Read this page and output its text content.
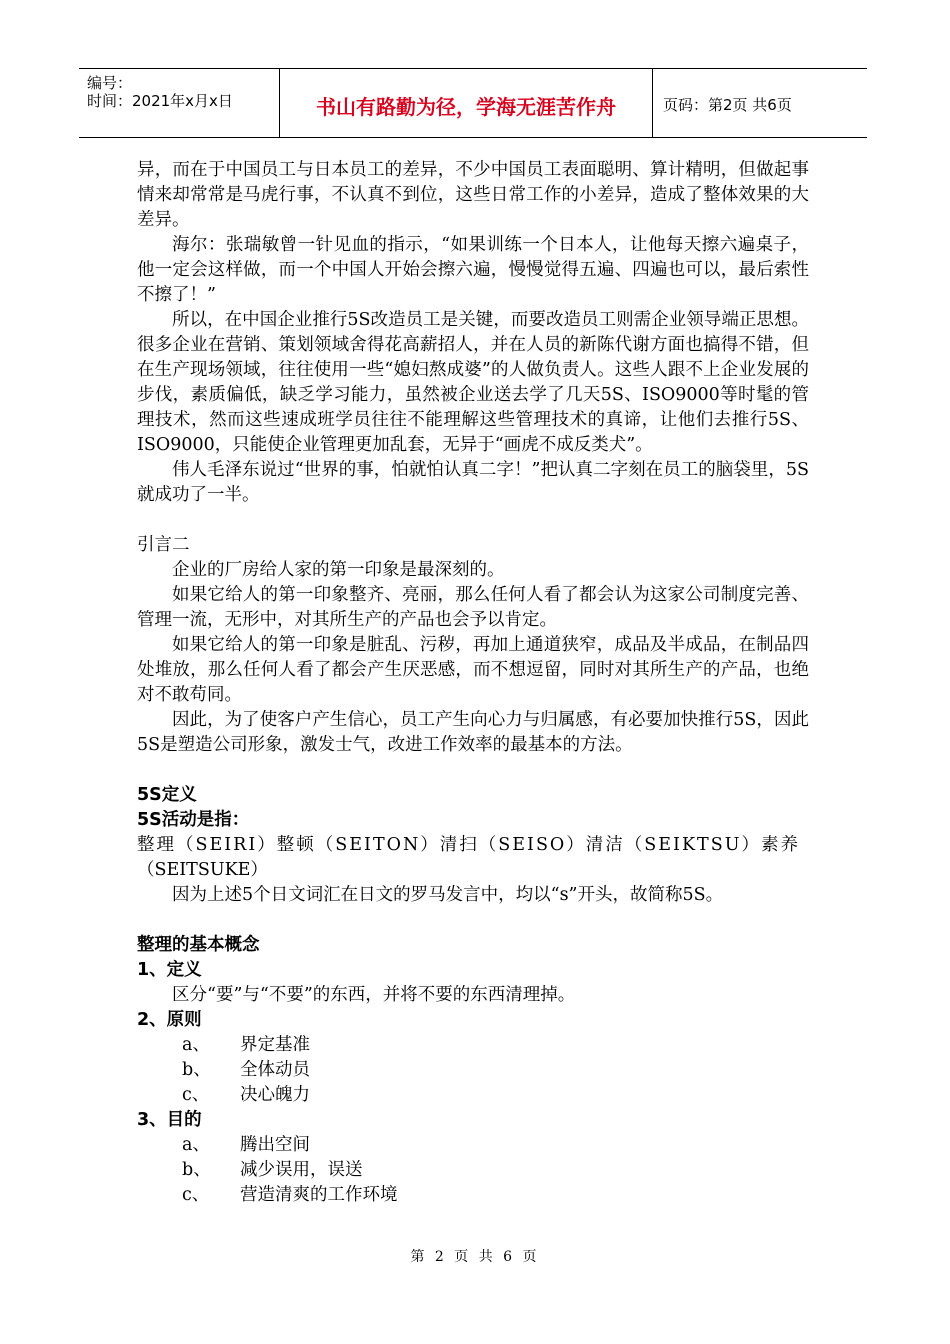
编号：
时间：2021年x月x日	书山有路勤为径，学海无涯苦作舟	页码：第2页 共6页

异，而在于中国员工与日本员工的差异，不少中国员工表面聪明、算计精明，但做起事情来却常常是马虎行事，不认真不到位，这些日常工作的小差异，造成了整体效果的大差异。

海尔：张瑞敏曾一针见血的指示，“如果训练一个日本人，让他每天擦六遍桌子，他一定会这样做，而一个中国人开始会擦六遍，慢慢觉得五遍、四遍也可以，最后索性不擦了！”

所以，在中国企业推行5S改造员工是关键，而要改造员工则需企业领导端正思想。很多企业在营销、策划领域舍得花高薪招人，并在人员的新陈代谢方面也搞得不错，但在生产现场领域，往往使用一些“媳妇熬成婆”的人做负责人。这些人跟不上企业发展的步伐，素质偏低，缺乏学习能力，虽然被企业送去学了几天5S、ISO9000等时髦的管理技术，然而这些速成班学员往往不能理解这些管理技术的真谛，让他们去推行5S、ISO9000，只能使企业管理更加乱套，无异于“画虎不成反类犬”。

伟人毛泽东说过“世界的事，怕就怕认真二字！”把认真二字刻在员工的脑袋里，5S就成功了一半。

引言二

企业的厂房给人家的第一印象是最深刻的。

如果它给人的第一印象整齐、亮丽，那么任何人看了都会认为这家公司制度完善、管理一流，无形中，对其所生产的产品也会予以肯定。

如果它给人的第一印象是脏乱、污秽，再加上通道狭窄，成品及半成品，在制品四处堆放，那么任何人看了都会产生厌恶感，而不想逗留，同时对其所生产的产品，也绝对不敢苟同。

因此，为了使客户产生信心，员工产生向心力与归属感，有必要加快推行5S，因此5S是塑造公司形象，激发士气，改进工作效率的最基本的方法。

5S定义

5S活动是指：

整理（SEIRI）整顿（SEITON）清扫（SEISO）清洁（SEIKTSU）素养

（SEITSUKE）

因为上述5个日文词汇在日文的罗马发言中，均以“s”开头，故简称5S。

整理的基本概念

1、定义

区分“要”与“不要”的东西，并将不要的东西清理掉。

2、原则

a、 界定基准

b、 全体动员

c、 决心魄力

3、目的

a、 腾出空间

b、 减少误用，误送

c、 营造清爽的工作环境

第 2 页 共 6 页
